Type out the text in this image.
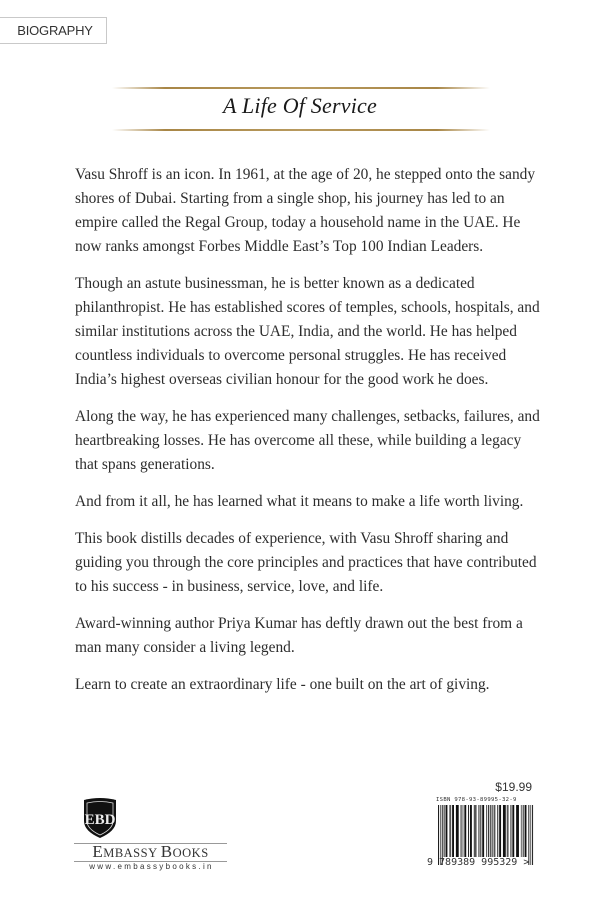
BIOGRAPHY
A Life Of Service

Vasu Shroff is an icon. In 1961, at the age of 20, he stepped onto the sandy shores of Dubai. Starting from a single shop, his journey has led to an empire called the Regal Group, today a household name in the UAE. He now ranks amongst Forbes Middle East’s Top 100 Indian Leaders.

Though an astute businessman, he is better known as a dedicated philanthropist. He has established scores of temples, schools, hospitals, and similar institutions across the UAE, India, and the world. He has helped countless individuals to overcome personal struggles. He has received India’s highest overseas civilian honour for the good work he does.

Along the way, he has experienced many challenges, setbacks, failures, and heartbreaking losses. He has overcome all these, while building a legacy that spans generations.

And from it all, he has learned what it means to make a life worth living.

This book distills decades of experience, with Vasu Shroff sharing and guiding you through the core principles and practices that have contributed to his success - in business, service, love, and life.

Award-winning author Priya Kumar has deftly drawn out the best from a man many consider a living legend.

Learn to create an extraordinary life - one built on the art of giving.

EBD
EMBASSY BOOKS
www.embassybooks.in
$19.99
ISBN 978-93-89995-32-9
9 789389 995329 >
